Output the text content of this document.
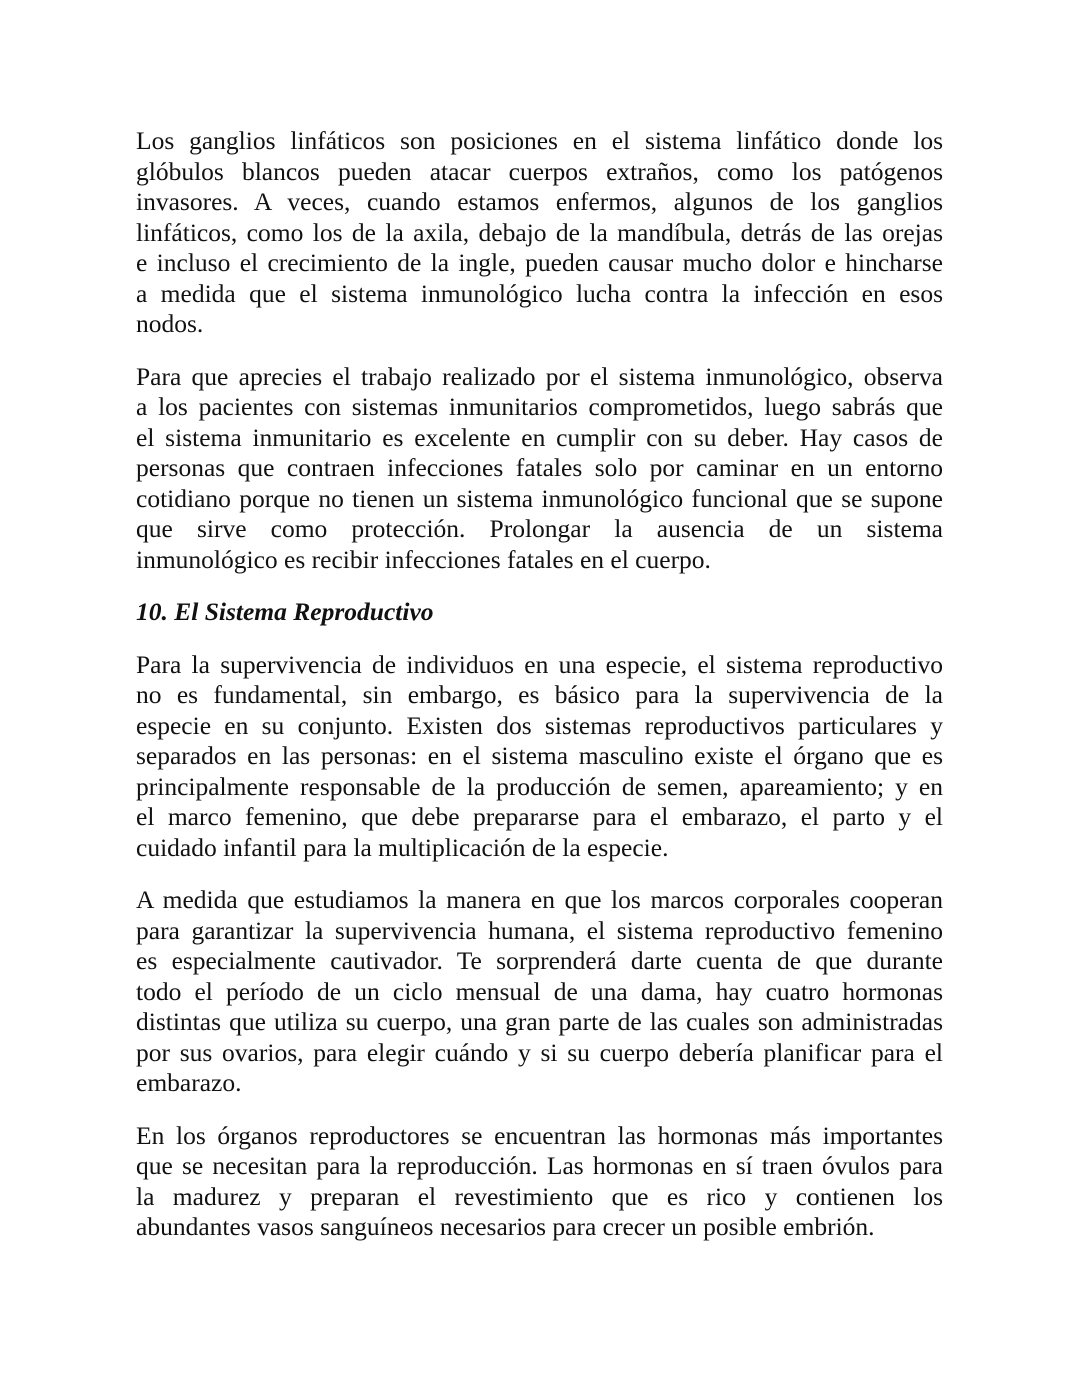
Los ganglios linfáticos son posiciones en el sistema linfático donde los
glóbulos blancos pueden atacar cuerpos extraños, como los patógenos
invasores. A veces, cuando estamos enfermos, algunos de los ganglios
linfáticos, como los de la axila, debajo de la mandíbula, detrás de las orejas
e incluso el crecimiento de la ingle, pueden causar mucho dolor e hincharse
a medida que el sistema inmunológico lucha contra la infección en esos
nodos.
Para que aprecies el trabajo realizado por el sistema inmunológico, observa
a los pacientes con sistemas inmunitarios comprometidos, luego sabrás que
el sistema inmunitario es excelente en cumplir con su deber. Hay casos de
personas que contraen infecciones fatales solo por caminar en un entorno
cotidiano porque no tienen un sistema inmunológico funcional que se supone
que sirve como protección. Prolongar la ausencia de un sistema
inmunológico es recibir infecciones fatales en el cuerpo.
10. El Sistema Reproductivo
Para la supervivencia de individuos en una especie, el sistema reproductivo
no es fundamental, sin embargo, es básico para la supervivencia de la
especie en su conjunto. Existen dos sistemas reproductivos particulares y
separados en las personas: en el sistema masculino existe el órgano que es
principalmente responsable de la producción de semen, apareamiento; y en
el marco femenino, que debe prepararse para el embarazo, el parto y el
cuidado infantil para la multiplicación de la especie.
A medida que estudiamos la manera en que los marcos corporales cooperan
para garantizar la supervivencia humana, el sistema reproductivo femenino
es especialmente cautivador. Te sorprenderá darte cuenta de que durante
todo el período de un ciclo mensual de una dama, hay cuatro hormonas
distintas que utiliza su cuerpo, una gran parte de las cuales son administradas
por sus ovarios, para elegir cuándo y si su cuerpo debería planificar para el
embarazo.
En los órganos reproductores se encuentran las hormonas más importantes
que se necesitan para la reproducción. Las hormonas en sí traen óvulos para
la madurez y preparan el revestimiento que es rico y contienen los
abundantes vasos sanguíneos necesarios para crecer un posible embrión.
